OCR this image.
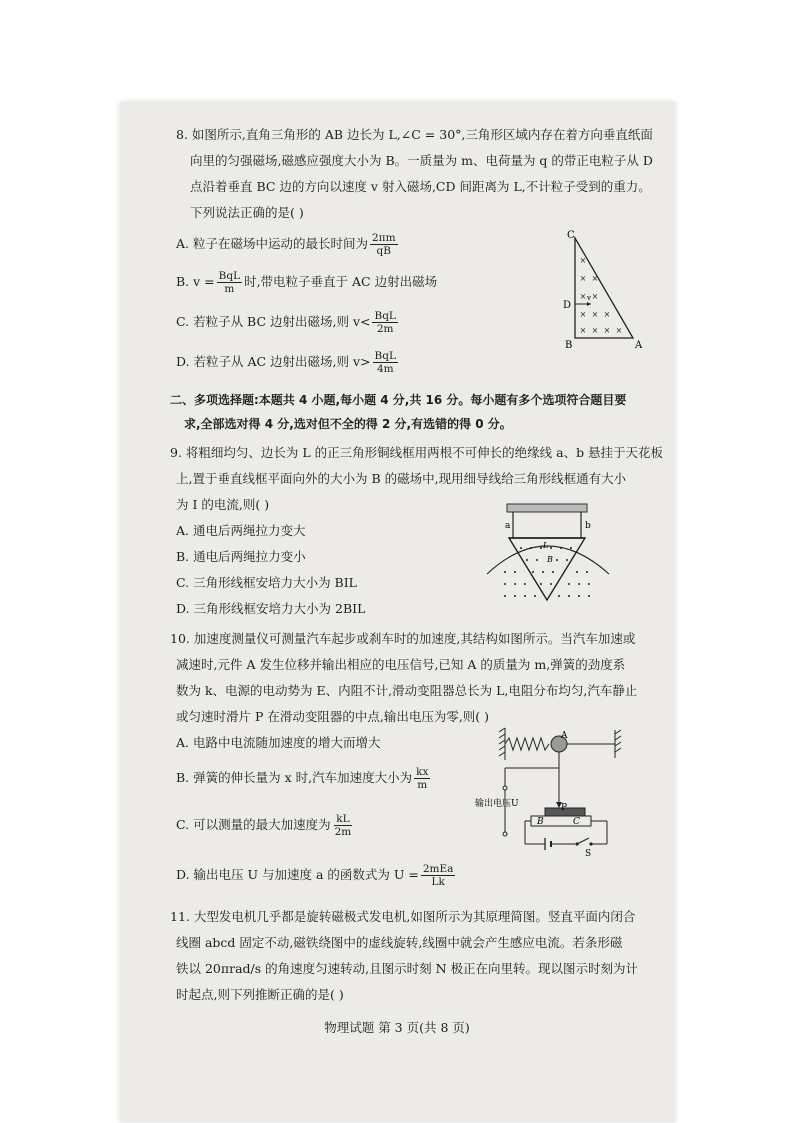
8. 如图所示,直角三角形的 AB 边长为 L,∠C = 30°,三角形区域内存在着方向垂直纸面

向里的匀强磁场,磁感应强度大小为 B。一质量为 m、电荷量为 q 的带正电粒子从 D

点沿着垂直 BC 边的方向以速度 v 射入磁场,CD 间距离为 L,不计粒子受到的重力。

下列说法正确的是( )

A. 粒子在磁场中运动的最长时间为 $\frac{2\pi m}{qB}$

B. $v = \frac{\text{BqL}}{m}$ 时,带电粒子垂直于 AC 边射出磁场

C. 若粒子从 BC 边射出磁场,则 $v< \frac{\text{BqL}}{2m}$

D. 若粒子从 AC 边射出磁场,则 $v> \frac{\text{BqL}}{4m}$

二、多项选择题:本题共 4 小题,每小题 4 分,共 16 分。每小题有多个选项符合题目要
求,全部选对得 4 分,选对但不全的得 2 分,有选错的得 0 分。

9. 将粗细均匀、边长为 L 的正三角形铜线框用两根不可伸长的绝缘线 a、b 悬挂于天花板

上,置于垂直线框平面向外的大小为 B 的磁场中,现用细导线给三角形线框通有大小

为 I 的电流,则( )

A. 通电后两绳拉力变大

B. 通电后两绳拉力变小

C. 三角形线框安培力大小为 BIL

D. 三角形线框安培力大小为 2BIL

10. 加速度测量仪可测量汽车起步或刹车时的加速度,其结构如图所示。当汽车加速或

减速时,元件 A 发生位移并输出相应的电压信号,已知 A 的质量为 m,弹簧的劲度系

数为 k、电源的电动势为 E、内阻不计,滑动变阻器总长为 L,电阻分布均匀,汽车静止

或匀速时滑片 P 在滑动变阻器的中点,输出电压为零,则( )

A. 电路中电流随加速度的增大而增大

B. 弹簧的伸长量为 x 时,汽车加速度大小为 $\frac{kx}{m}$

C. 可以测量的最大加速度为 $\frac{kL}{2m}$

D. 输出电压 U 与加速度 a 的函数式为 $U = \frac{\text{2mEa}}{Lk}$

11. 大型发电机几乎都是旋转磁极式发电机,如图所示为其原理简图。竖直平面内闭合

线圈 abcd 固定不动,磁铁绕图中的虚线旋转,线圈中就会产生感应电流。若条形磁

铁以 20πrad/s 的角速度匀速转动,且图示时刻 N 极正在向里转。现以图示时刻为计

时起点,则下列推断正确的是( )

×
× ×
× ×
× × ×
× × × ×
C
D
B	A
v
a	b
L
B
A
P
输出电压U
B	C
S
物理试题 第 3 页(共 8 页)
